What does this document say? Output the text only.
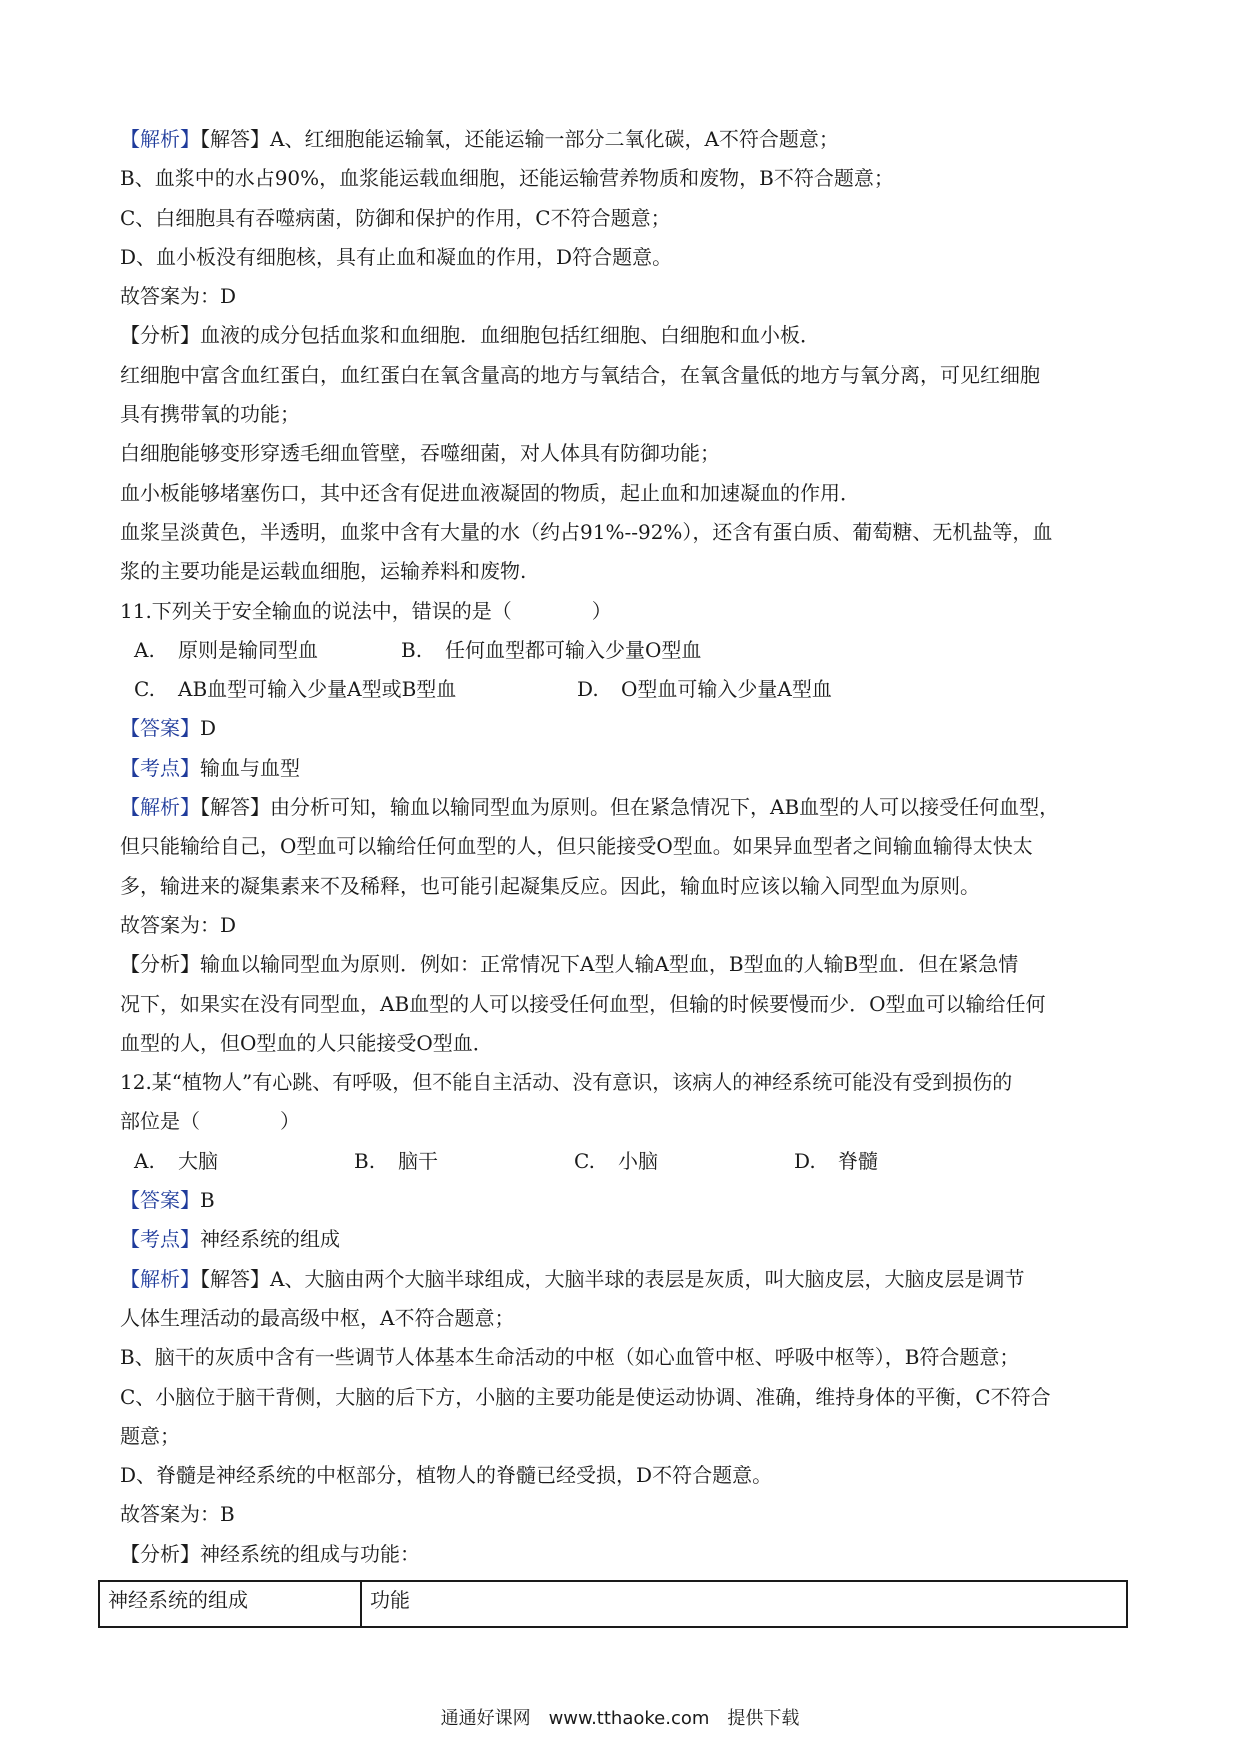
【解析】【解答】A、红细胞能运输氧，还能运输一部分二氧化碳，A不符合题意；
B、血浆中的水占90%，血浆能运载血细胞，还能运输营养物质和废物，B不符合题意；
C、白细胞具有吞噬病菌，防御和保护的作用，C不符合题意；
D、血小板没有细胞核，具有止血和凝血的作用，D符合题意。
故答案为：D
【分析】血液的成分包括血浆和血细胞．血细胞包括红细胞、白细胞和血小板．
红细胞中富含血红蛋白，血红蛋白在氧含量高的地方与氧结合，在氧含量低的地方与氧分离，可见红细胞
具有携带氧的功能；
白细胞能够变形穿透毛细血管壁，吞噬细菌，对人体具有防御功能；
血小板能够堵塞伤口，其中还含有促进血液凝固的物质，起止血和加速凝血的作用．
血浆呈淡黄色，半透明，血浆中含有大量的水（约占91%--92%），还含有蛋白质、葡萄糖、无机盐等，血
浆的主要功能是运载血细胞，运输养料和废物.
11.下列关于安全输血的说法中，错误的是（　　　　）
A. 原则是输同型血	B. 任何血型都可输入少量O型血
C. AB血型可输入少量A型或B型血	D. O型血可输入少量A型血
【答案】D
【考点】输血与血型
【解析】【解答】由分析可知，输血以输同型血为原则。但在紧急情况下，AB血型的人可以接受任何血型，
但只能输给自己，O型血可以输给任何血型的人，但只能接受O型血。如果异血型者之间输血输得太快太
多，输进来的凝集素来不及稀释，也可能引起凝集反应。因此，输血时应该以输入同型血为原则。
故答案为：D
【分析】输血以输同型血为原则．例如：正常情况下A型人输A型血，B型血的人输B型血．但在紧急情
况下，如果实在没有同型血，AB血型的人可以接受任何血型，但输的时候要慢而少．O型血可以输给任何
血型的人，但O型血的人只能接受O型血．
12.某“植物人”有心跳、有呼吸，但不能自主活动、没有意识，该病人的神经系统可能没有受到损伤的
部位是（　　　　）
A. 大脑	B. 脑干	C. 小脑	D. 脊髓
【答案】B
【考点】神经系统的组成
【解析】【解答】A、大脑由两个大脑半球组成，大脑半球的表层是灰质，叫大脑皮层，大脑皮层是调节
人体生理活动的最高级中枢，A不符合题意；
B、脑干的灰质中含有一些调节人体基本生命活动的中枢（如心血管中枢、呼吸中枢等），B符合题意；
C、小脑位于脑干背侧，大脑的后下方，小脑的主要功能是使运动协调、准确，维持身体的平衡，C不符合
题意；
D、脊髓是神经系统的中枢部分，植物人的脊髓已经受损，D不符合题意。
故答案为：B
【分析】神经系统的组成与功能：
神经系统的组成	功能
通通好课网　www.tthaoke.com　提供下载
